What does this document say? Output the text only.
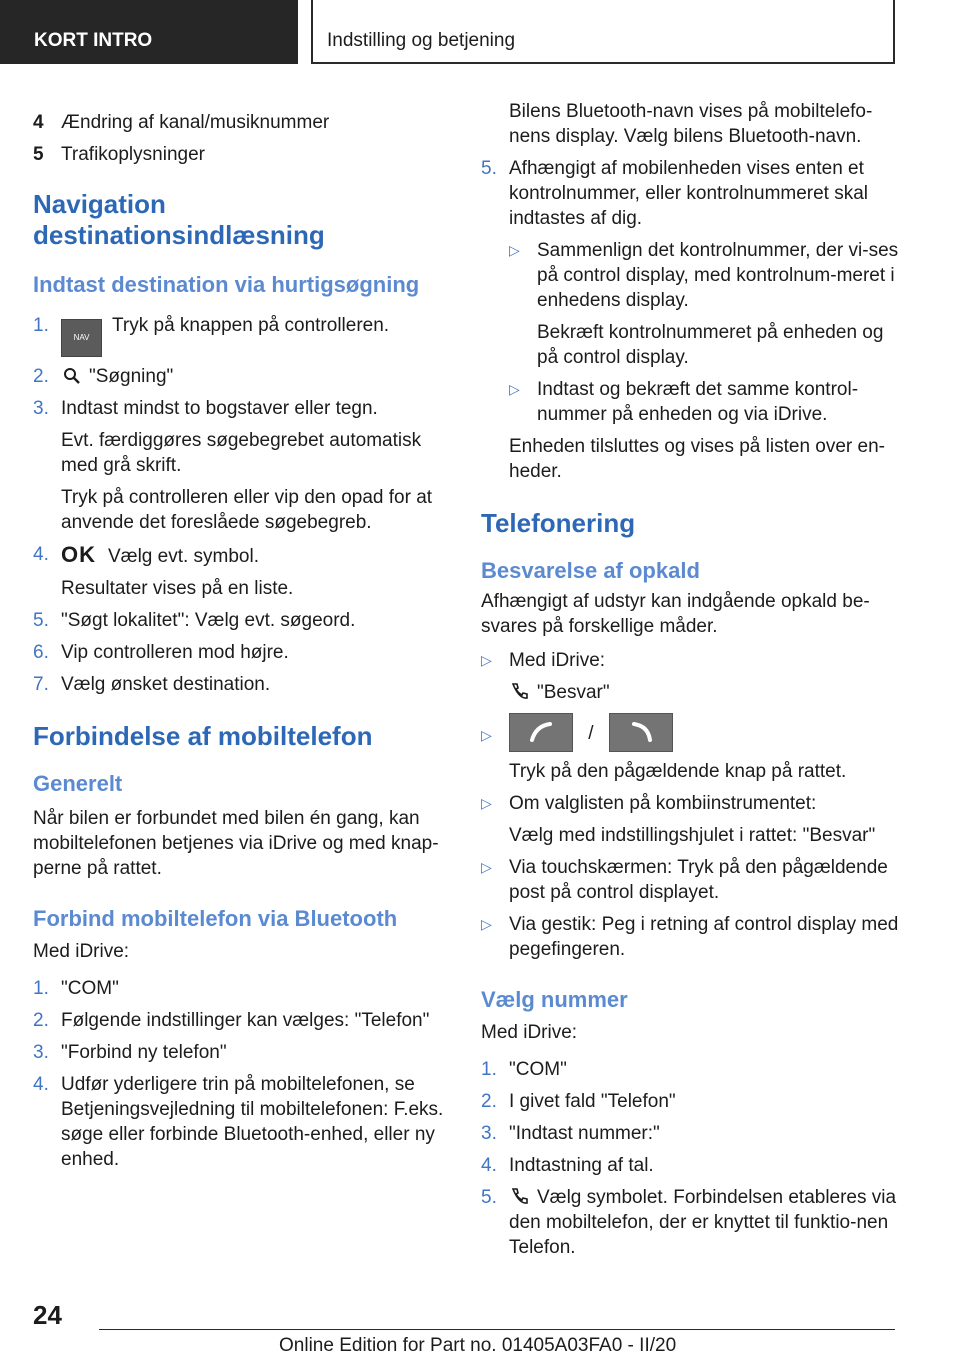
KORT INTRO	Indstilling og betjening
4 Ændring af kanal/musiknummer
5 Trafikoplysninger
Navigation destinationsindlæsning
Indtast destination via hurtigsøgning
1.
NAVTryk på knappen på controlleren.
2. "Søgning"
3. Indtast mindst to bogstaver eller tegn.

Evt. færdiggøres søgebegrebet automatisk med grå skrift.

Tryk på controlleren eller vip den opad for at anvende det foreslåede søgebegreb.

4. OK Vælg evt. symbol.

Resultater vises på en liste.

5. "Søgt lokalitet": Vælg evt. søgeord.
6. Vip controlleren mod højre.
7. Vælg ønsket destination.
Forbindelse af mobiltelefon
Generelt

Når bilen er forbundet med bilen én gang, kan mobiltelefonen betjenes via iDrive og med knap-perne på rattet.

Forbind mobiltelefon via Bluetooth

Med iDrive:

1. "COM"
2. Følgende indstillinger kan vælges: "Telefon"
3. "Forbind ny telefon"
4. Udfør yderligere trin på mobiltelefonen, se Betjeningsvejledning til mobiltelefonen: F.eks. søge eller forbinde Bluetooth-enhed, eller ny enhed.

Bilens Bluetooth-navn vises på mobiltelefo-nens display. Vælg bilens Bluetooth-navn.

5. Afhængigt af mobilenheden vises enten et kontrolnummer, eller kontrolnummeret skal indtastes af dig.
▷ Sammenlign det kontrolnummer, der vi-ses på control display, med kontrolnum-meret i enhedens display.

Bekræft kontrolnummeret på enheden og på control display.

▷ Indtast og bekræft det samme kontrol-nummer på enheden og via iDrive.

Enheden tilsluttes og vises på listen over en-heder.

Telefonering
Besvarelse af opkald

Afhængigt af udstyr kan indgående opkald be-svares på forskellige måder.

▷ Med iDrive:

"Besvar"

▷	/

Tryk på den pågældende knap på rattet.

▷ Om valglisten på kombiinstrumentet:

Vælg med indstillingshjulet i rattet: "Besvar"

▷ Via touchskærmen: Tryk på den pågældende post på control displayet.
▷ Via gestik: Peg i retning af control display med pegefingeren.
Vælg nummer

Med iDrive:

1. "COM"
2. I givet fald "Telefon"
3. "Indtast nummer:"
4. Indtastning af tal.
5. Vælg symbolet. Forbindelsen etableres via den mobiltelefon, der er knyttet til funktio-nen Telefon.
24
Online Edition for Part no. 01405A03FA0 - II/20
